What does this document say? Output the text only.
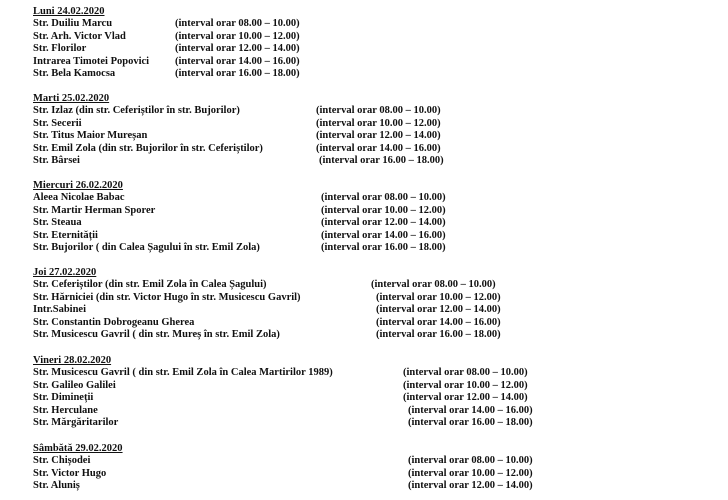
Luni 24.02.2020
Str. Duiliu Marcu	(interval orar 08.00 – 10.00)
Str. Arh. Victor Vlad	(interval orar 10.00 – 12.00)
Str. Florilor	(interval orar 12.00 – 14.00)
Intrarea Timotei Popovici (interval orar 14.00 – 16.00)
Str. Bela Kamocsa	(interval orar 16.00 – 18.00)
Marti 25.02.2020
Str. Izlaz (din str. Ceferiștilor în str. Bujorilor)	(interval orar 08.00 – 10.00)
Str. Secerii	(interval orar 10.00 – 12.00)
Str. Titus Maior Mureșan	(interval orar 12.00 – 14.00)
Str. Emil Zola (din str. Bujorilor în str. Ceferiștilor)	(interval orar 14.00 – 16.00)
Str. Bârsei	(interval orar 16.00 – 18.00)
Miercuri 26.02.2020
Aleea Nicolae Babac	(interval orar 08.00 – 10.00)
Str. Martir Herman Sporer	(interval orar 10.00 – 12.00)
Str. Steaua	(interval orar 12.00 – 14.00)
Str. Eternității	(interval orar 14.00 – 16.00)
Str. Bujorilor ( din Calea Șagului în str. Emil Zola)	(interval orar 16.00 – 18.00)
Joi 27.02.2020
Str. Ceferiștilor (din str. Emil Zola în Calea Șagului)	(interval orar 08.00 – 10.00)
Str. Hărniciei (din str. Victor Hugo în str. Musicescu Gavril)	(interval orar 10.00 – 12.00)
Intr.Sabinei	(interval orar 12.00 – 14.00)
Str. Constantin Dobrogeanu Gherea	(interval orar 14.00 – 16.00)
Str. Musicescu Gavril ( din str. Mureș în str. Emil Zola)	(interval orar 16.00 – 18.00)
Vineri 28.02.2020
Str. Musicescu Gavril ( din str. Emil Zola în Calea Martirilor 1989)	(interval orar 08.00 – 10.00)
Str. Galileo Galilei	(interval orar 10.00 – 12.00)
Str. Dimineții	(interval orar 12.00 – 14.00)
Str. Herculane	(interval orar 14.00 – 16.00)
Str. Mărgăritarilor	(interval orar 16.00 – 18.00)
Sâmbătă 29.02.2020
Str. Chișodei	(interval orar 08.00 – 10.00)
Str. Victor Hugo	(interval orar 10.00 – 12.00)
Str. Aluniș	(interval orar 12.00 – 14.00)
